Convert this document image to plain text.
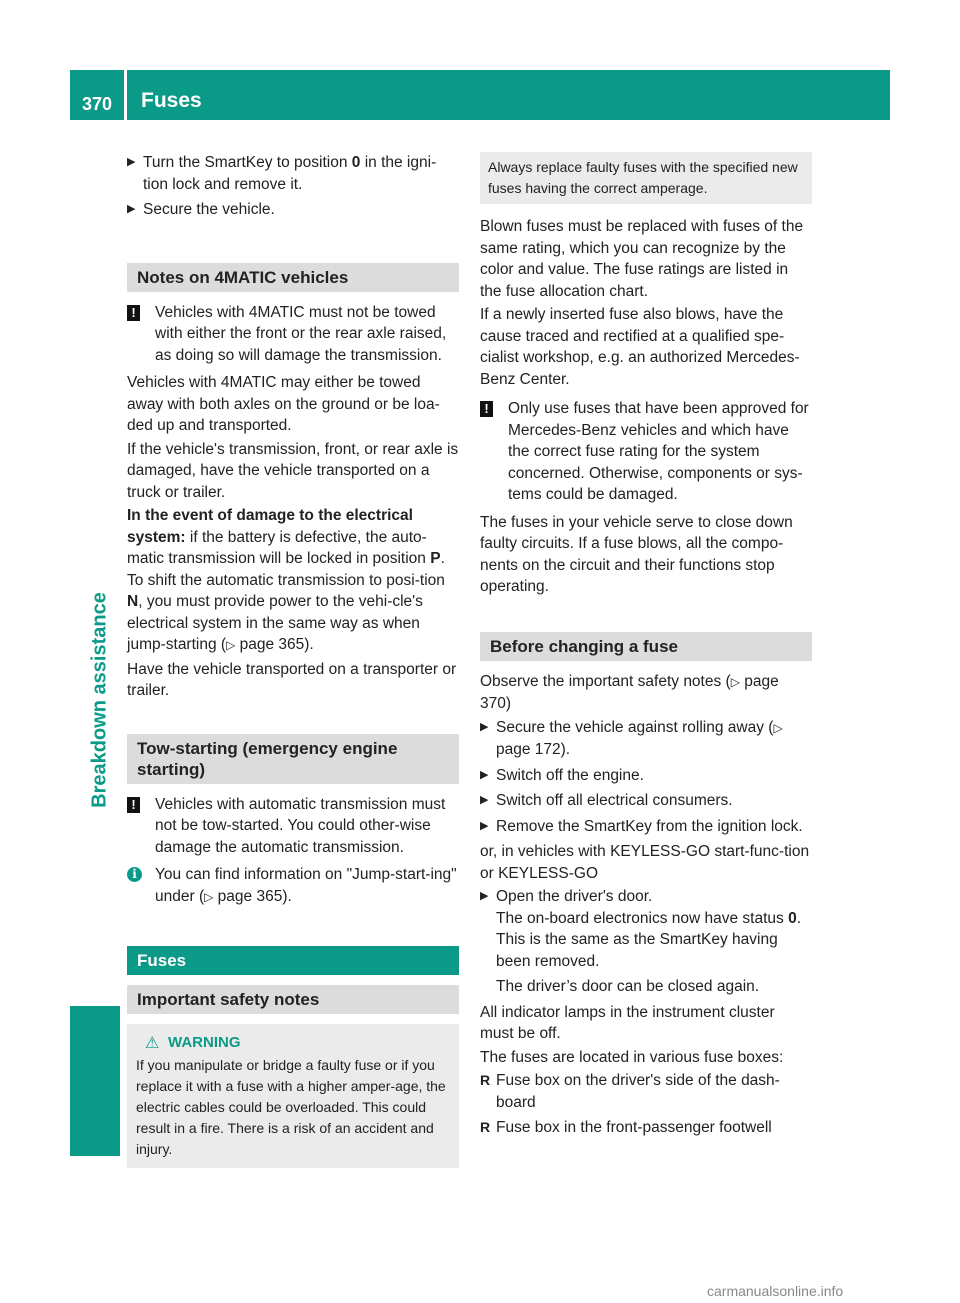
370 Fuses
Breakdown assistance
▶ Turn the SmartKey to position 0 in the igni-tion lock and remove it.
▶ Secure the vehicle.
Notes on 4MATIC vehicles
! Vehicles with 4MATIC must not be towed with either the front or the rear axle raised, as doing so will damage the transmission.

Vehicles with 4MATIC may either be towed away with both axles on the ground or be loa-ded up and transported.

If the vehicle's transmission, front, or rear axle is damaged, have the vehicle transported on a truck or trailer.

In the event of damage to the electrical system: if the battery is defective, the auto-matic transmission will be locked in position P. To shift the automatic transmission to posi-tion N, you must provide power to the vehi-cle's electrical system in the same way as when jump-starting (▷ page 365).

Have the vehicle transported on a transporter or trailer.

Tow-starting (emergency engine starting)
! Vehicles with automatic transmission must not be tow-started. You could other-wise damage the automatic transmission.
i	You can find information on "Jump-start-ing" under (▷ page 365).
Fuses
Important safety notes
⚠ WARNING
If you manipulate or bridge a faulty fuse or if you replace it with a fuse with a higher amper-age, the electric cables could be overloaded. This could result in a fire. There is a risk of an accident and injury.
Always replace faulty fuses with the specified new fuses having the correct amperage.

Blown fuses must be replaced with fuses of the same rating, which you can recognize by the color and value. The fuse ratings are listed in the fuse allocation chart.

If a newly inserted fuse also blows, have the cause traced and rectified at a qualified spe-cialist workshop, e.g. an authorized Mercedes-Benz Center.

! Only use fuses that have been approved for Mercedes-Benz vehicles and which have the correct fuse rating for the system concerned. Otherwise, components or sys-tems could be damaged.

The fuses in your vehicle serve to close down faulty circuits. If a fuse blows, all the compo-nents on the circuit and their functions stop operating.

Before changing a fuse

Observe the important safety notes (▷ page 370)

▶ Secure the vehicle against rolling away (▷ page 172).
▶ Switch off the engine.
▶ Switch off all electrical consumers.
▶ Remove the SmartKey from the ignition lock.

or, in vehicles with KEYLESS-GO start-func-tion or KEYLESS-GO

▶ Open the driver's door.
The on-board electronics now have status 0. This is the same as the SmartKey having been removed.
The driver’s door can be closed again.

All indicator lamps in the instrument cluster must be off.

The fuses are located in various fuse boxes:

R Fuse box on the driver's side of the dash-board
R Fuse box in the front-passenger footwell
carmanualsonline.info
